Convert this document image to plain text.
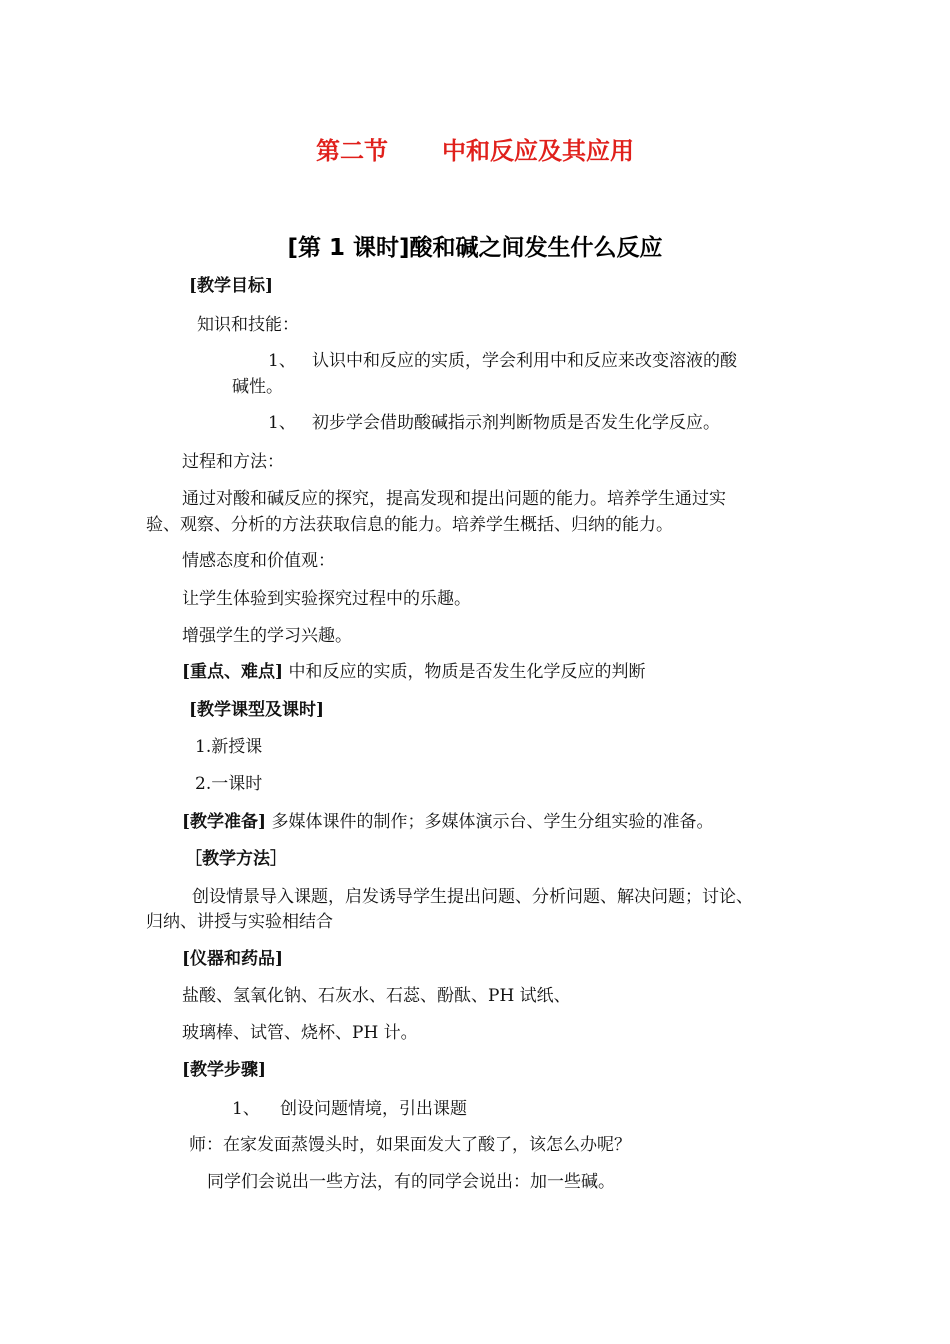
第二节 中和反应及其应用
[第 1 课时]酸和碱之间发生什么反应
[教学目标]
知识和技能：
1、 认识中和反应的实质，学会利用中和反应来改变溶液的酸
碱性。
1、 初步学会借助酸碱指示剂判断物质是否发生化学反应。
过程和方法：
通过对酸和碱反应的探究，提高发现和提出问题的能力。培养学生通过实
验、观察、分析的方法获取信息的能力。培养学生概括、归纳的能力。
情感态度和价值观：
让学生体验到实验探究过程中的乐趣。
增强学生的学习兴趣。
[重点、难点] 中和反应的实质，物质是否发生化学反应的判断
[教学课型及课时]
1.新授课
2.一课时
[教学准备] 多媒体课件的制作；多媒体演示台、学生分组实验的准备。
［教学方法］
创设情景导入课题，启发诱导学生提出问题、分析问题、解决问题；讨论、
归纳、讲授与实验相结合
[仪器和药品]
盐酸、氢氧化钠、石灰水、石蕊、酚酞、PH 试纸、
玻璃棒、试管、烧杯、PH 计。
[教学步骤]
1、 创设问题情境，引出课题
师：在家发面蒸馒头时，如果面发大了酸了，该怎么办呢？
同学们会说出一些方法，有的同学会说出：加一些碱。
